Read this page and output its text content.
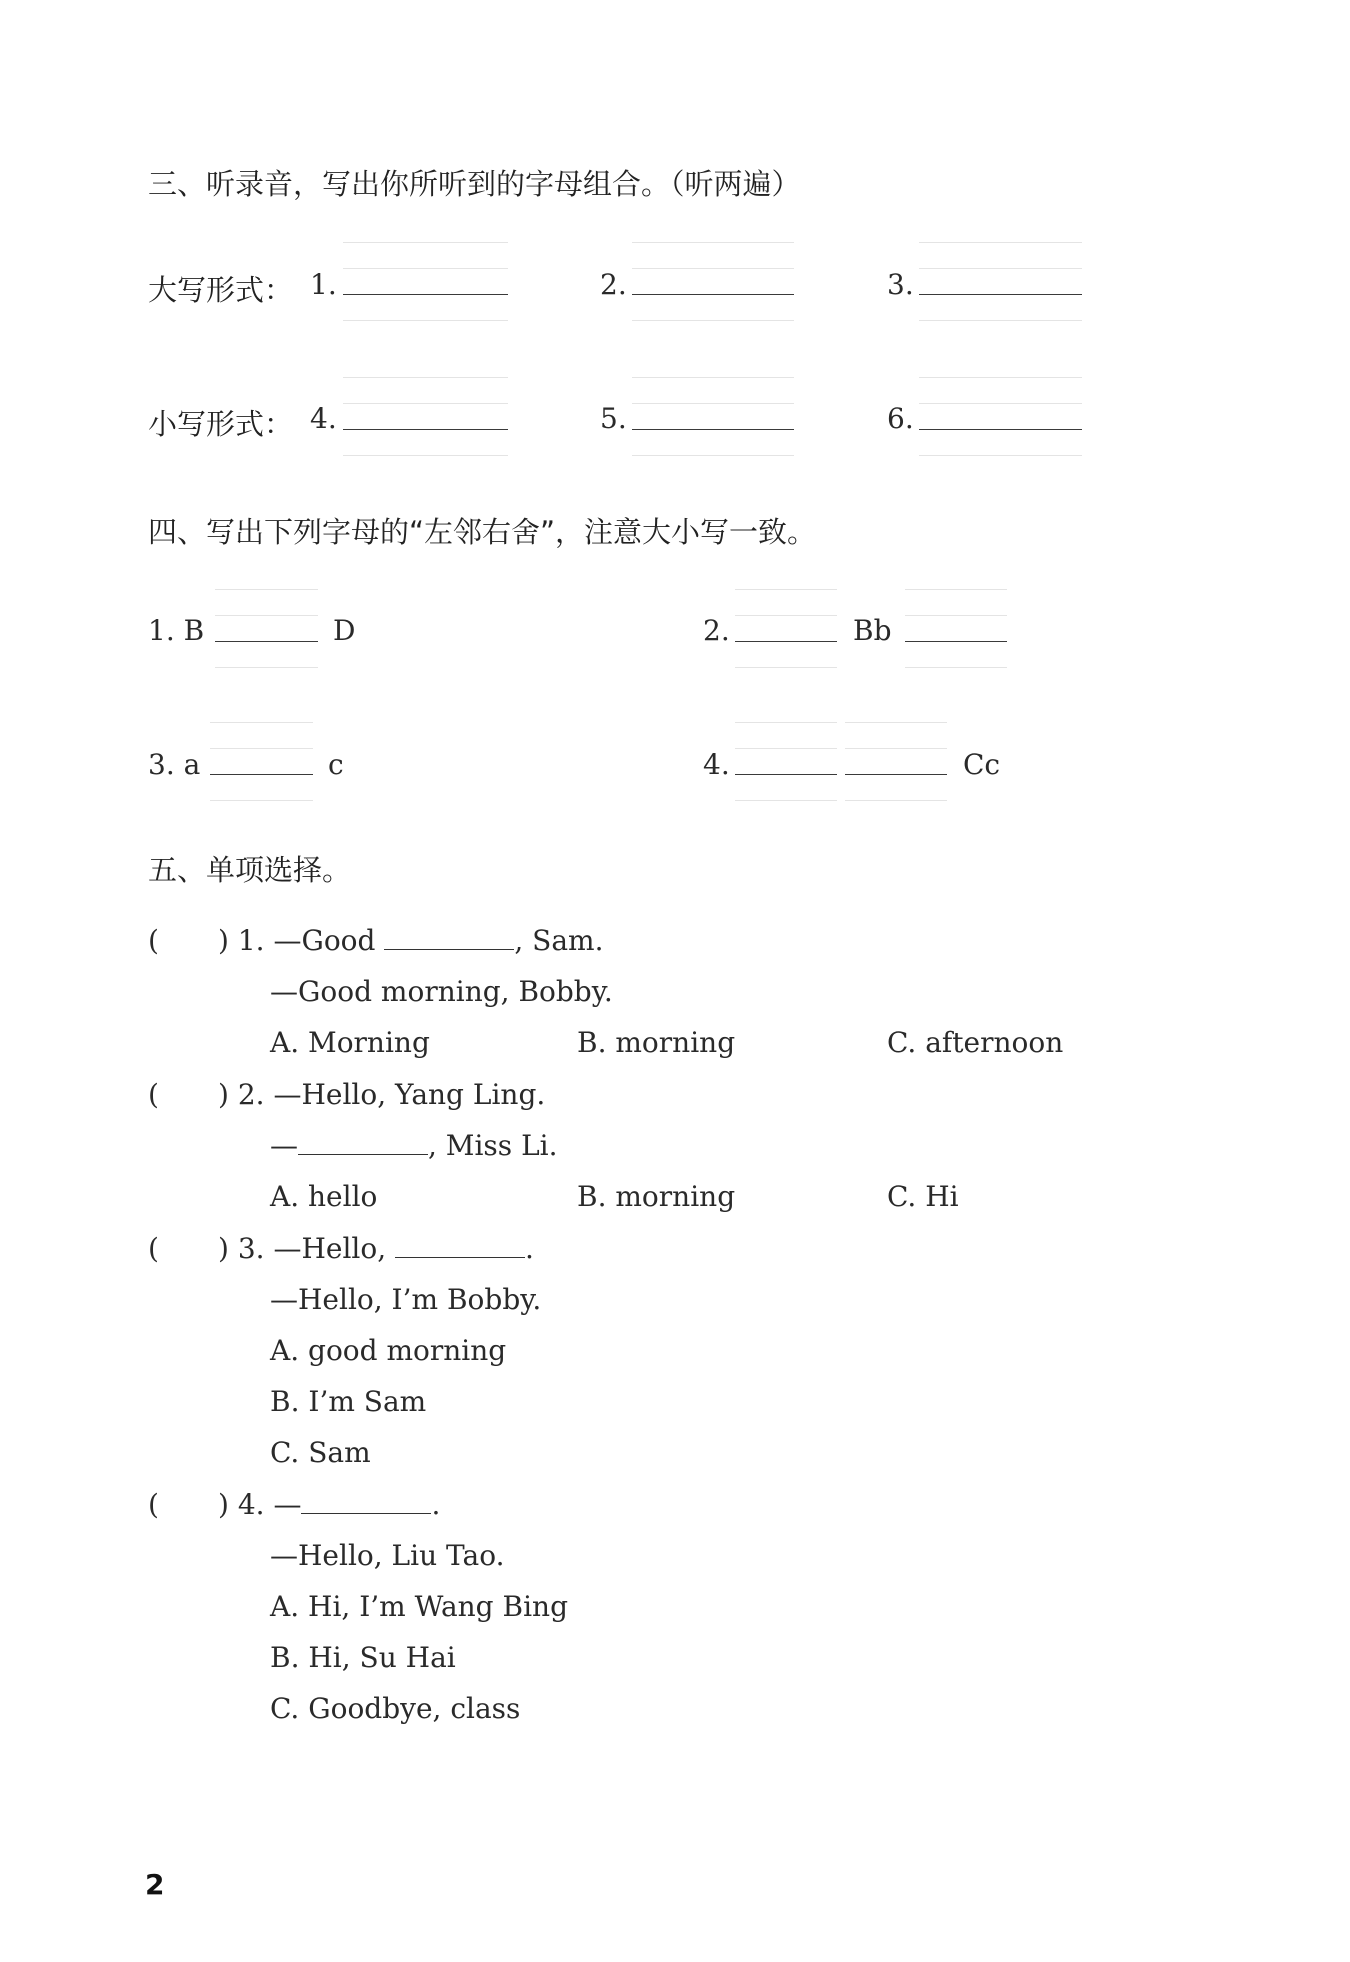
三、听录音，写出你所听到的字母组合。（听两遍）
大写形式： 1.	2.	3.
小写形式： 4.	5.	6.
四、写出下列字母的“左邻右舍”，注意大小写一致。
1. B	D	2.	Bb
3. a	c	4.	Cc
五、单项选择。
( ) 1. —Good	, Sam.
—Good morning, Bobby.
A. Morning	B. morning	C. afternoon
( ) 2. —Hello, Yang Ling.
—	, Miss Li.
A. hello	B. morning	C. Hi
( ) 3. —Hello,	.
—Hello, I’m Bobby.
A. good morning
B. I’m Sam
C. Sam
( ) 4. —	.
—Hello, Liu Tao.
A. Hi, I’m Wang Bing
B. Hi, Su Hai
C. Goodbye, class
2
